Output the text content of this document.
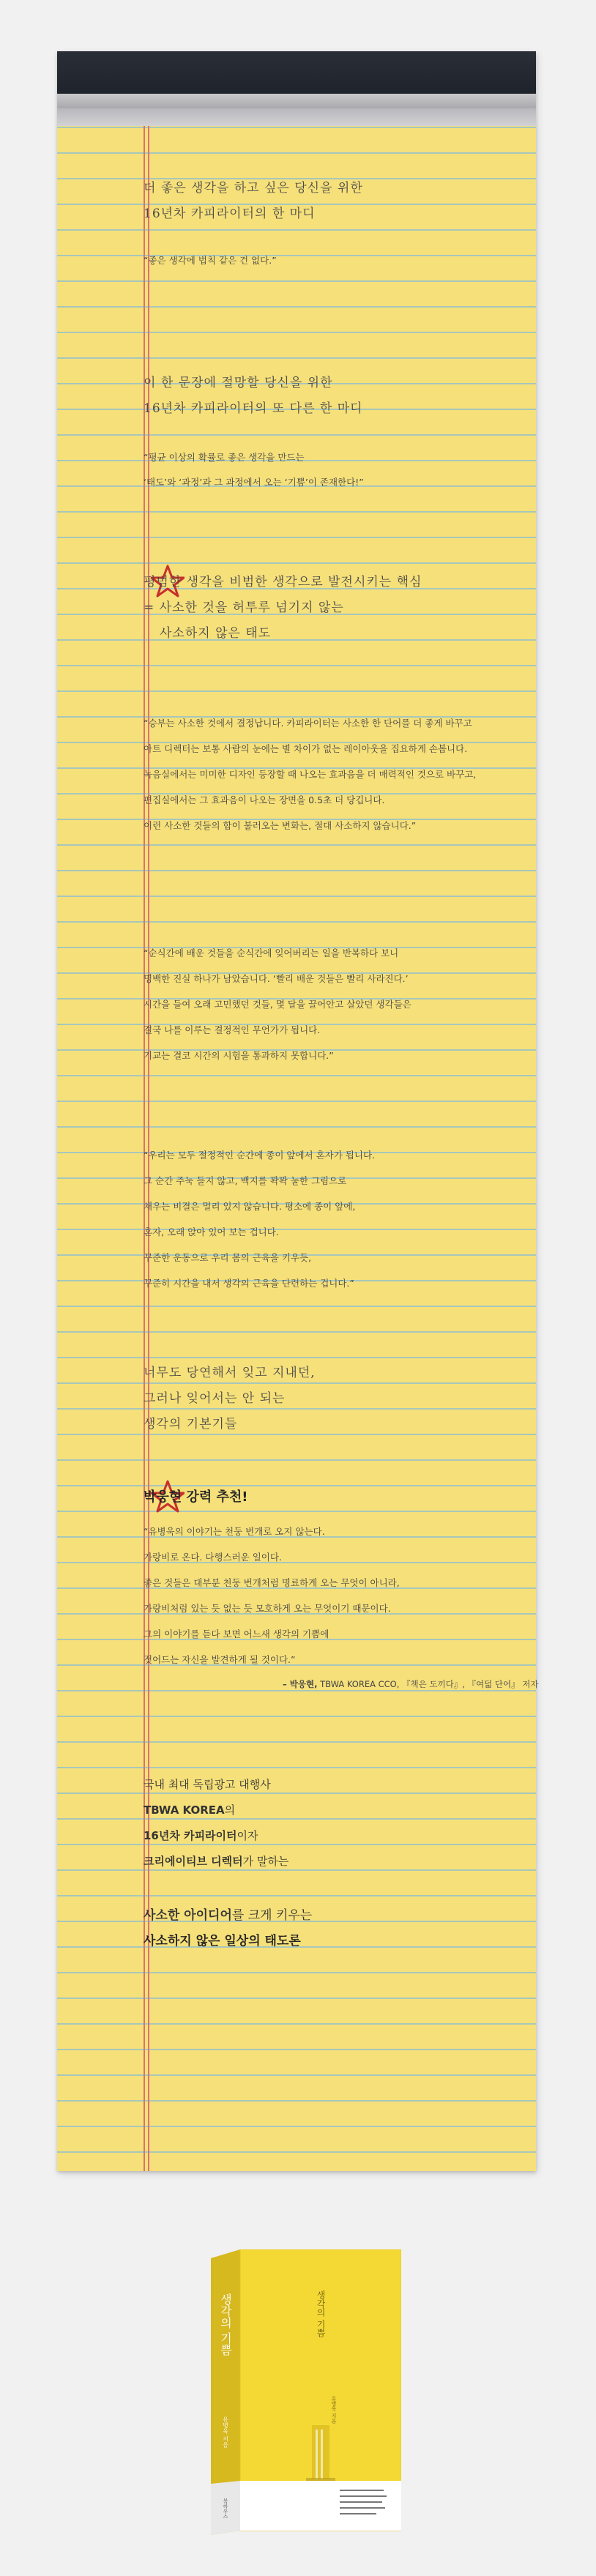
더 좋은 생각을 하고 싶은 당신을 위한
16년차 카피라이터의 한 마디
“좋은 생각에 법칙 같은 건 없다.”
이 한 문장에 절망할 당신을 위한
16년차 카피라이터의 또 다른 한 마디
“평균 이상의 확률로 좋은 생각을 만드는
‘태도’와 ‘과정’과 그 과정에서 오는 ‘기쁨’이 존재한다!”
평범한 생각을 비범한 생각으로 발전시키는 핵심
= 사소한 것을 허투루 넘기지 않는
사소하지 않은 태도
“승부는 사소한 것에서 결정납니다. 카피라이터는 사소한 한 단어를 더 좋게 바꾸고
아트 디렉터는 보통 사람의 눈에는 별 차이가 없는 레이아웃을 집요하게 손봅니다.
녹음실에서는 미미한 디자인 등장할 때 나오는 효과음을 더 매력적인 것으로 바꾸고,
편집실에서는 그 효과음이 나오는 장면을 0.5초 더 당깁니다.
이런 사소한 것들의 합이 불러오는 변화는, 절대 사소하지 않습니다.”
“순식간에 배운 것들을 순식간에 잊어버리는 일을 반복하다 보니
명백한 진실 하나가 남았습니다. ‘빨리 배운 것들은 빨리 사라진다.’
시간을 들여 오래 고민했던 것들, 몇 달을 끌어안고 살았던 생각들은
결국 나를 이루는 결정적인 무언가가 됩니다.
기교는 결코 시간의 시험을 통과하지 못합니다.”
“우리는 모두 절정적인 순간에 종이 앞에서 혼자가 됩니다.
그 순간 주눅 들지 않고, 백지를 꽉꽉 눌한 그림으로
채우는 비결은 멀리 있지 않습니다. 평소에 종이 앞에,
혼자, 오래 앉아 있어 보는 겁니다.
꾸준한 운동으로 우리 몸의 근육을 키우듯,
꾸준히 시간을 내서 생각의 근육을 단련하는 겁니다.”
너무도 당연해서 잊고 지내던,
그러나 잊어서는 안 되는
생각의 기본기들
박웅현 강력 추천!
“유병욱의 이야기는 천둥 번개로 오지 않는다.
가랑비로 온다. 다행스러운 일이다.
좋은 것들은 대부분 천둥 번개처럼 명료하게 오는 무엇이 아니라,
가랑비처럼 있는 듯 없는 듯 모호하게 오는 무엇이기 때문이다.
그의 이야기를 듣다 보면 어느새 생각의 기쁨에
젖어드는 자신을 발견하게 될 것이다.”
– 박웅현, TBWA KOREA CCO, 『책은 도끼다』, 『여덟 단어』 저자
국내 최대 독립광고 대행사
TBWA KOREA의
16년차 카피라이터이자
크리에이티브 디렉터가 말하는
사소한 아이디어를 크게 키우는
사소하지 않은 일상의 태도론
생각의 기쁨
유병욱 지음
북하우스
생각의 기쁨
유병욱 지음
